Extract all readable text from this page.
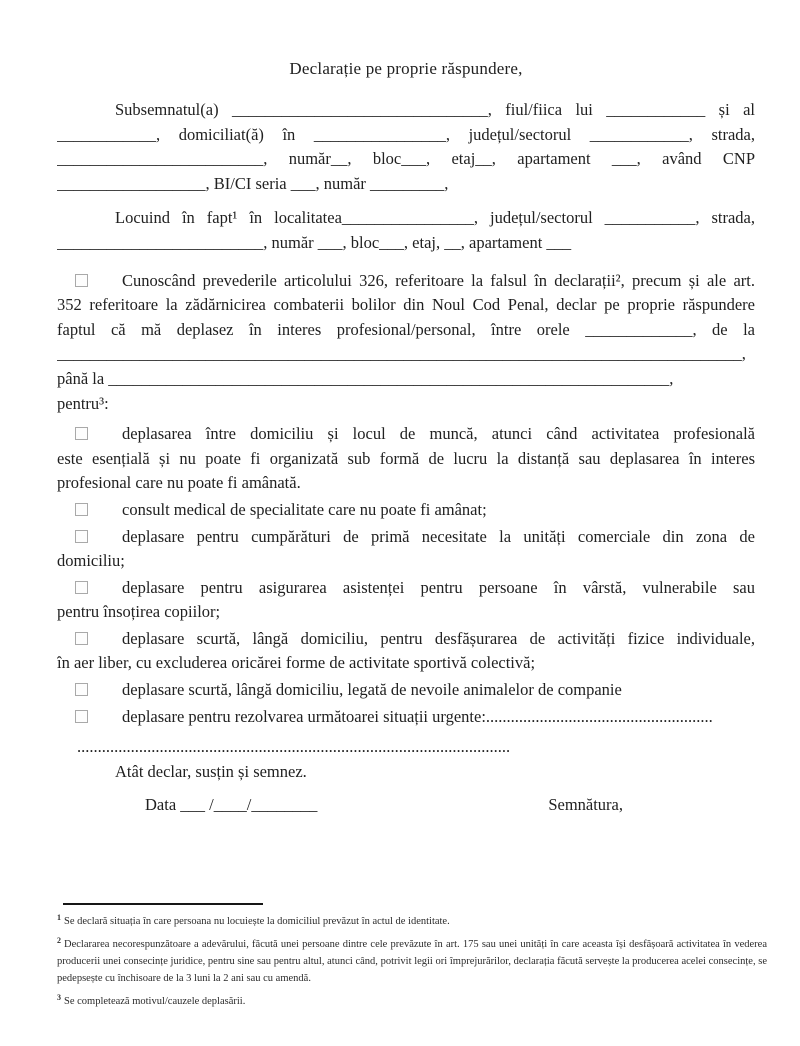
Declarație pe proprie răspundere,
Subsemnatul(a) _______________________________, fiul/fiica lui ____________ și al
____________, domiciliat(ă) în ________________, județul/sectorul ____________, strada,
_________________________, număr__, bloc___, etaj__, apartament ___, având CNP
__________________, BI/CI seria ___, număr _________,
Locuind în fapt¹ în localitatea________________, județul/sectorul ___________, strada,
_________________________, număr ___, bloc___, etaj, __, apartament ___
Cunoscând prevederile articolului 326, referitoare la falsul în declarații², precum și ale art.
352 referitoare la zădărnicirea combaterii bolilor din Noul Cod Penal, declar pe proprie răspundere
faptul că mă deplasez în interes profesional/personal, între orele _____________, de la
___________________________________________________________________________________,
până la ____________________________________________________________________,
pentru³:
deplasarea între domiciliu și locul de muncă, atunci când activitatea profesională
este esențială și nu poate fi organizată sub formă de lucru la distanță sau deplasarea în interes
profesional care nu poate fi amânată.
consult medical de specialitate care nu poate fi amânat;
deplasare pentru cumpărături de primă necesitate la unități comerciale din zona de
domiciliu;
deplasare pentru asigurarea asistenței pentru persoane în vârstă, vulnerabile sau
pentru însoțirea copiilor;
deplasare scurtă, lângă domiciliu, pentru desfășurarea de activități fizice individuale,
în aer liber, cu excluderea oricărei forme de activitate sportivă colectivă;
deplasare scurtă, lângă domiciliu, legată de nevoile animalelor de companie
deplasare pentru rezolvarea următoarei situații urgente:.......................................................
.........................................................................................................
Atât declar, susțin și semnez.
Data ___ /____/________	Semnătura,
$^1$ Se declară situația în care persoana nu locuiește la domiciliul prevăzut în actul de identitate.
$^2$ Declararea necorespunzătoare a adevărului, făcută unei persoane dintre cele prevăzute în art. 175 sau unei unități în care aceasta își desfășoară activitatea în vederea producerii unei consecințe juridice, pentru sine sau pentru altul, atunci când, potrivit legii ori împrejurărilor, declarația făcută servește la producerea acelei consecințe, se pedepsește cu închisoare de la 3 luni la 2 ani sau cu amendă.
$^3$ Se completează motivul/cauzele deplasării.
